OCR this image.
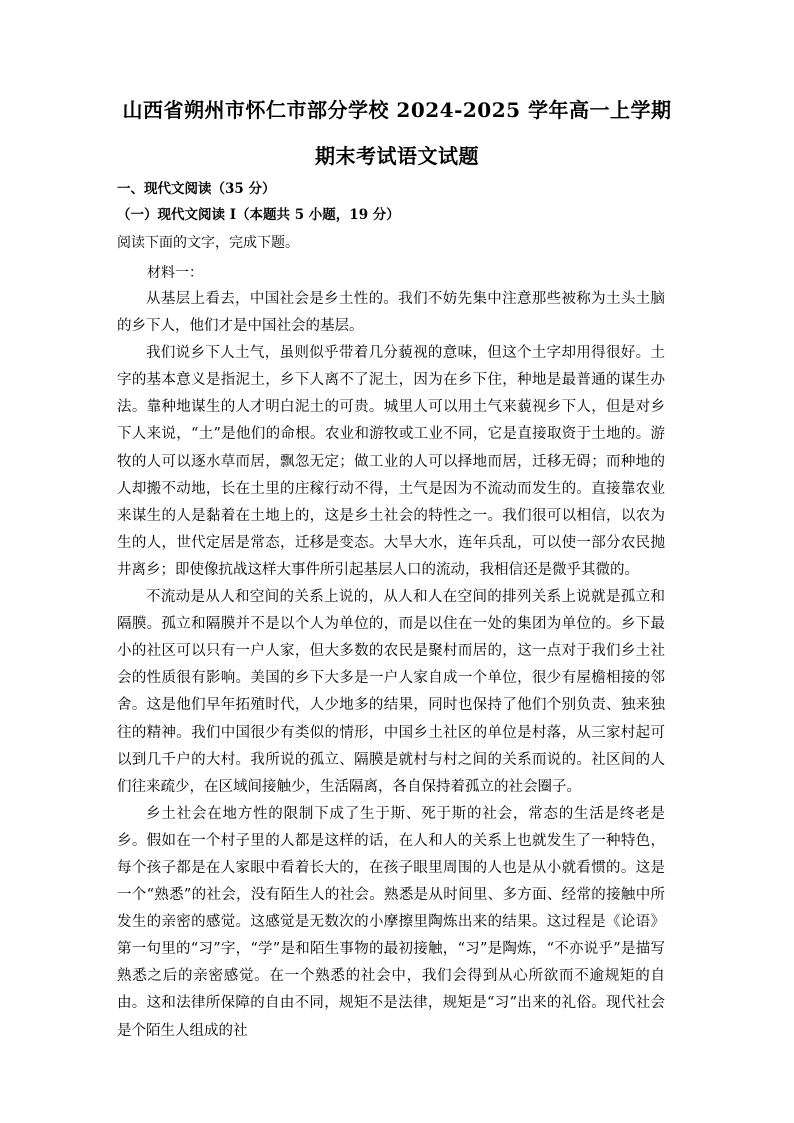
山西省朔州市怀仁市部分学校 2024-2025 学年高一上学期
期末考试语文试题
一、现代文阅读（35 分）
（一）现代文阅读 I（本题共 5 小题，19 分）
阅读下面的文字，完成下题。
材料一：

从基层上看去，中国社会是乡土性的。我们不妨先集中注意那些被称为土头土脑的乡下人，他们才是中国社会的基层。

我们说乡下人土气，虽则似乎带着几分藐视的意味，但这个土字却用得很好。土字的基本意义是指泥土，乡下人离不了泥土，因为在乡下住，种地是最普通的谋生办法。靠种地谋生的人才明白泥土的可贵。城里人可以用土气来藐视乡下人，但是对乡下人来说，“土”是他们的命根。农业和游牧或工业不同，它是直接取资于土地的。游牧的人可以逐水草而居，飘忽无定；做工业的人可以择地而居，迁移无碍；而种地的人却搬不动地，长在土里的庄稼行动不得，土气是因为不流动而发生的。直接靠农业来谋生的人是黏着在土地上的，这是乡土社会的特性之一。我们很可以相信，以农为生的人，世代定居是常态，迁移是变态。大旱大水，连年兵乱，可以使一部分农民抛井离乡；即使像抗战这样大事件所引起基层人口的流动，我相信还是微乎其微的。

不流动是从人和空间的关系上说的，从人和人在空间的排列关系上说就是孤立和隔膜。孤立和隔膜并不是以个人为单位的，而是以住在一处的集团为单位的。乡下最小的社区可以只有一户人家，但大多数的农民是聚村而居的，这一点对于我们乡土社会的性质很有影响。美国的乡下大多是一户人家自成一个单位，很少有屋檐相接的邻舍。这是他们早年拓殖时代，人少地多的结果，同时也保持了他们个别负责、独来独往的精神。我们中国很少有类似的情形，中国乡土社区的单位是村落，从三家村起可以到几千户的大村。我所说的孤立、隔膜是就村与村之间的关系而说的。社区间的人们往来疏少，在区域间接触少，生活隔离，各自保持着孤立的社会圈子。

乡土社会在地方性的限制下成了生于斯、死于斯的社会，常态的生活是终老是乡。假如在一个村子里的人都是这样的话，在人和人的关系上也就发生了一种特色，每个孩子都是在人家眼中看着长大的，在孩子眼里周围的人也是从小就看惯的。这是一个“熟悉”的社会，没有陌生人的社会。熟悉是从时间里、多方面、经常的接触中所发生的亲密的感觉。这感觉是无数次的小摩擦里陶炼出来的结果。这过程是《论语》第一句里的“习”字，“学”是和陌生事物的最初接触，“习”是陶炼，“不亦说乎”是描写熟悉之后的亲密感觉。在一个熟悉的社会中，我们会得到从心所欲而不逾规矩的自由。这和法律所保障的自由不同，规矩不是法律，规矩是“习”出来的礼俗。现代社会是个陌生人组成的社
